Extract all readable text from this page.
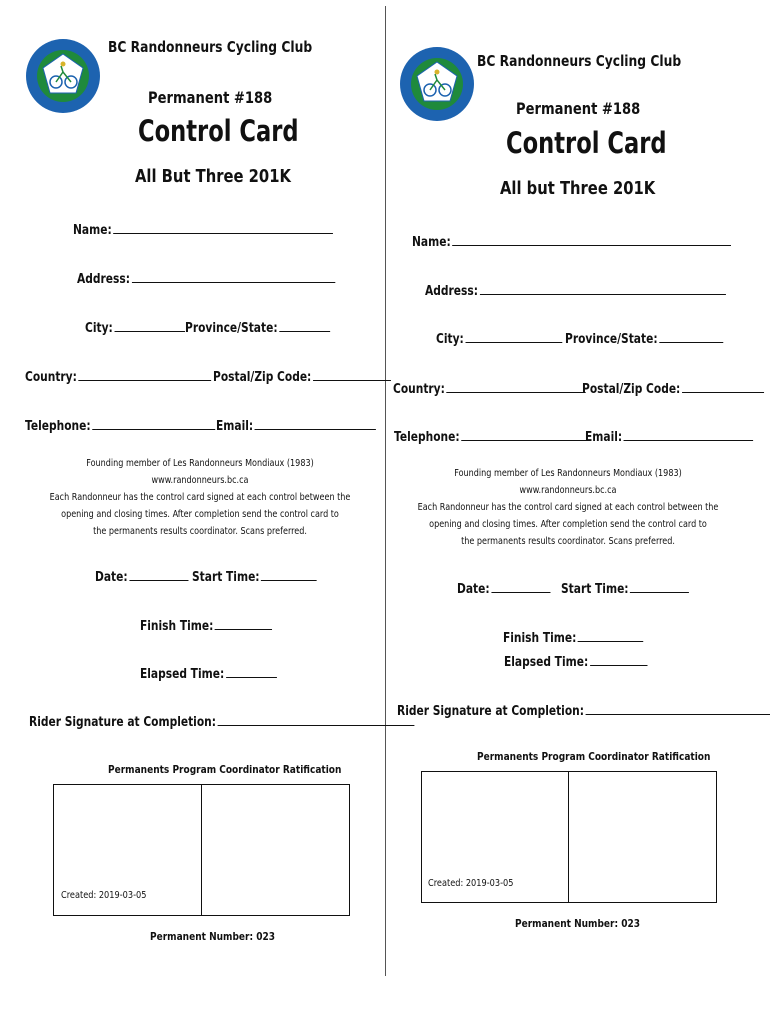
BC Randonneurs Cycling Club
Permanent #188
Control Card
All But Three 201K
Name:
Address:
City:	Province/State:
Country:	Postal/Zip Code:
Telephone:	Email:
Founding member of Les Randonneurs Mondiaux (1983)
www.randonneurs.bc.ca
Each Randonneur has the control card signed at each control between the
opening and closing times. After completion send the control card to
the permanents results coordinator. Scans preferred.
Date:	Start Time:
Finish Time:
Elapsed Time:
Rider Signature at Completion:
Permanents Program Coordinator Ratification
Created: 2019-03-05
Permanent Number: 023
BC Randonneurs Cycling Club
Permanent #188
Control Card
All but Three 201K
Name:
Address:
City:	Province/State:
Country:	Postal/Zip Code:
Telephone:	Email:
Founding member of Les Randonneurs Mondiaux (1983)
www.randonneurs.bc.ca
Each Randonneur has the control card signed at each control between the
opening and closing times. After completion send the control card to
the permanents results coordinator. Scans preferred.
Date:	Start Time:
Finish Time:
Elapsed Time:
Rider Signature at Completion:
Permanents Program Coordinator Ratification
Created: 2019-03-05
Permanent Number: 023
